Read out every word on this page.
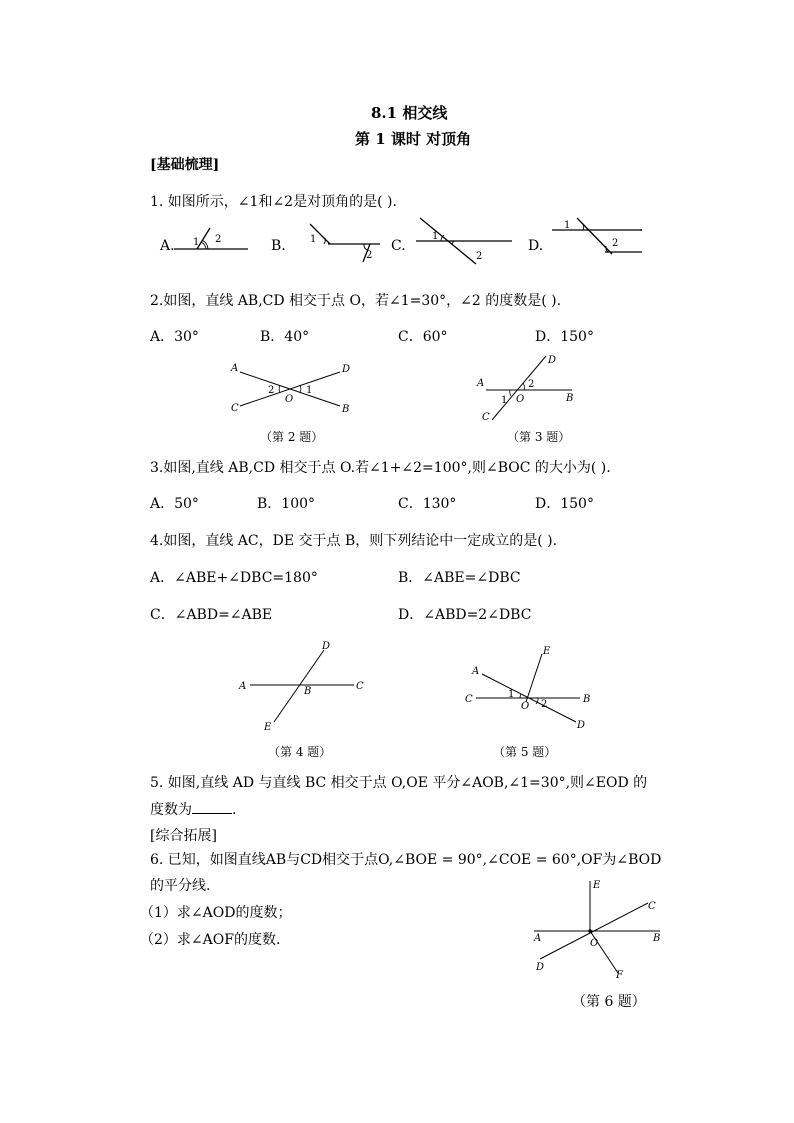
8.1 相交线
第 1 课时 对顶角
[基础梳理]
1. 如图所示，∠1和∠2是对顶角的是( ).
A.	B.	C.	D.
1 2	1
2
1
2
1
2
2.如图，直线 AB,CD 相交于点 O，若∠1=30°，∠2 的度数是( ).
A．30°	B．40°	C．60°	D．150°
A	D
C	B
O
2	1
（第 2 题）
D
A
B
C
O
2
1
（第 3 题）
3.如图,直线 AB,CD 相交于点 O.若∠1+∠2=100°,则∠BOC 的大小为( ).
A．50°	B．100°	C．130°	D．150°
4.如图，直线 AC，DE 交于点 B，则下列结论中一定成立的是( ).
A．∠ABE+∠DBC=180°	B．∠ABE=∠DBC
C．∠ABD=∠ABE	D．∠ABD=2∠DBC
D
A	C
B
E
（第 4 题）
E
A
C	B
D
O
1
2
（第 5 题）
5. 如图,直线 AD 与直线 BC 相交于点 O,OE 平分∠AOB,∠1=30°,则∠EOD 的
度数为	.
[综合拓展]
6. 已知，如图直线AB与CD相交于点O,∠BOE = 90°,∠COE = 60°,OF为∠BOD
的平分线.
（1）求∠AOD的度数；
（2）求∠AOF的度数.
E
C
A	B
O
D
F
（第 6 题）
